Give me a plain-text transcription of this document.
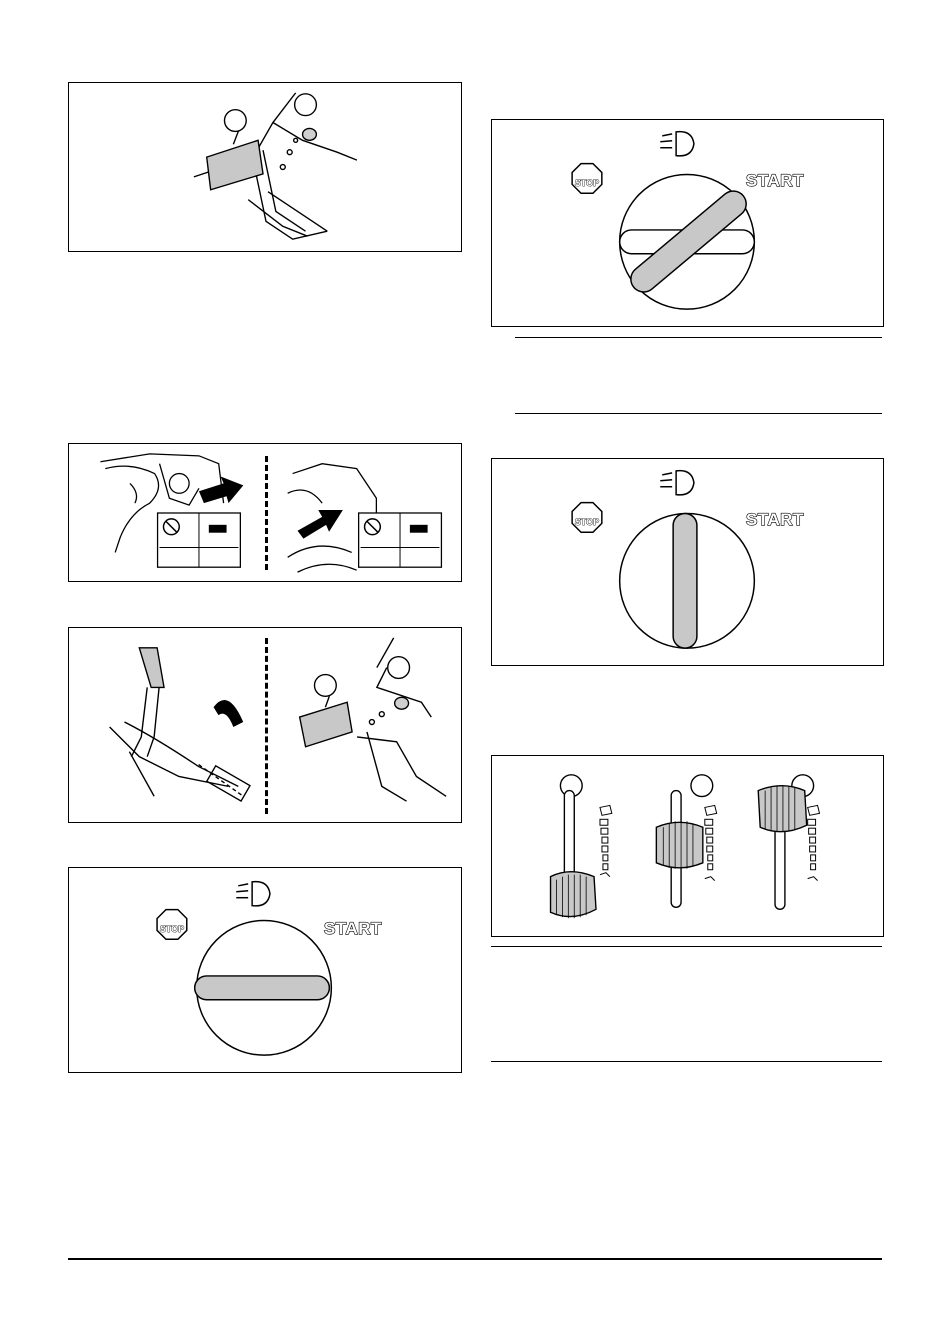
STOP	START
STOP	START
STOP	START
